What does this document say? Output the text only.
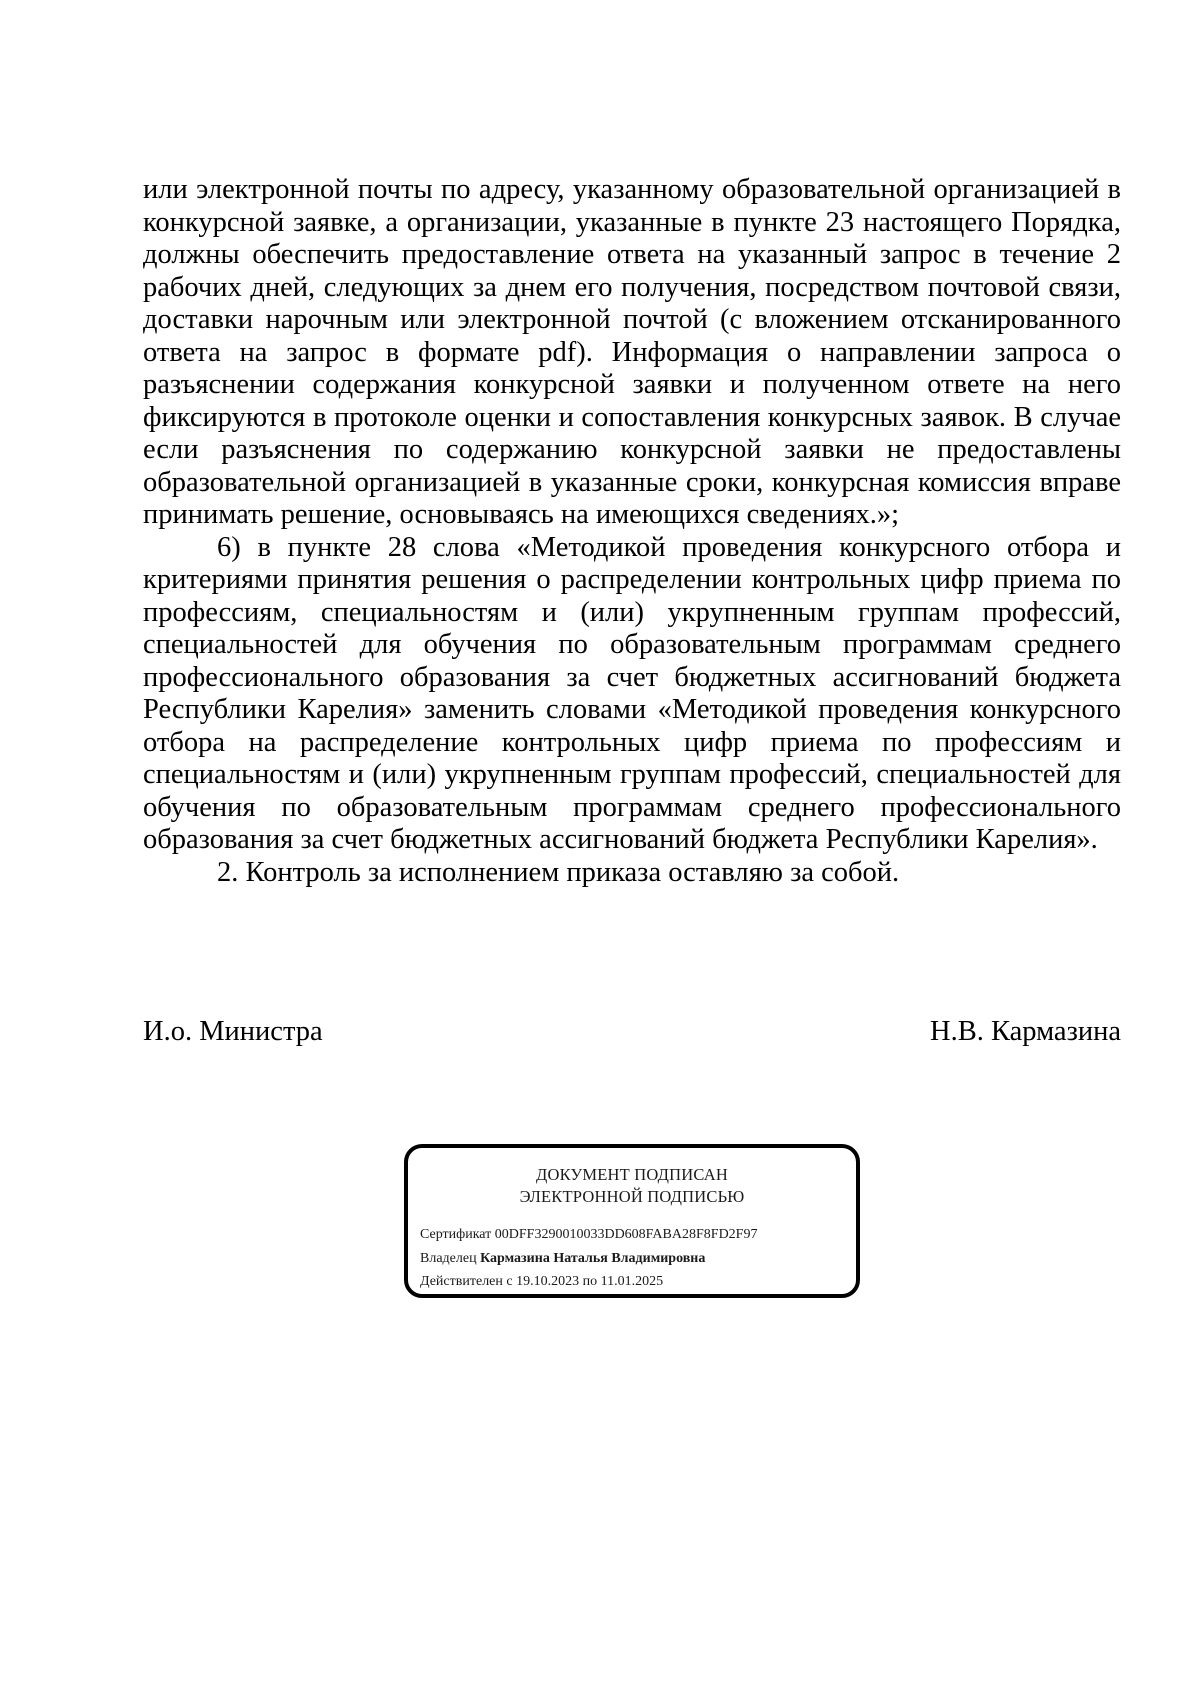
или электронной почты по адресу, указанному образовательной организацией в конкурсной заявке, а организации, указанные в пункте 23 настоящего Порядка, должны обеспечить предоставление ответа на указанный запрос в течение 2 рабочих дней, следующих за днем его получения, посредством почтовой связи, доставки нарочным или электронной почтой (с вложением отсканированного ответа на запрос в формате pdf). Информация о направлении запроса о разъяснении содержания конкурсной заявки и полученном ответе на него фиксируются в протоколе оценки и сопоставления конкурсных заявок. В случае если разъяснения по содержанию конкурсной заявки не предоставлены образовательной организацией в указанные сроки, конкурсная комиссия вправе принимать решение, основываясь на имеющихся сведениях.»;

6) в пункте 28 слова «Методикой проведения конкурсного отбора и критериями принятия решения о распределении контрольных цифр приема по профессиям, специальностям и (или) укрупненным группам профессий, специальностей для обучения по образовательным программам среднего профессионального образования за счет бюджетных ассигнований бюджета Республики Карелия» заменить словами «Методикой проведения конкурсного отбора на распределение контрольных цифр приема по профессиям и специальностям и (или) укрупненным группам профессий, специальностей для обучения по образовательным программам среднего профессионального образования за счет бюджетных ассигнований бюджета Республики Карелия».

2. Контроль за исполнением приказа оставляю за собой.

И.о. Министра	Н.В. Кармазина
ДОКУМЕНТ ПОДПИСАН
ЭЛЕКТРОННОЙ ПОДПИСЬЮ
Сертификат 00DFF3290010033DD608FABA28F8FD2F97
Владелец Кармазина Наталья Владимировна
Действителен с 19.10.2023 по 11.01.2025
